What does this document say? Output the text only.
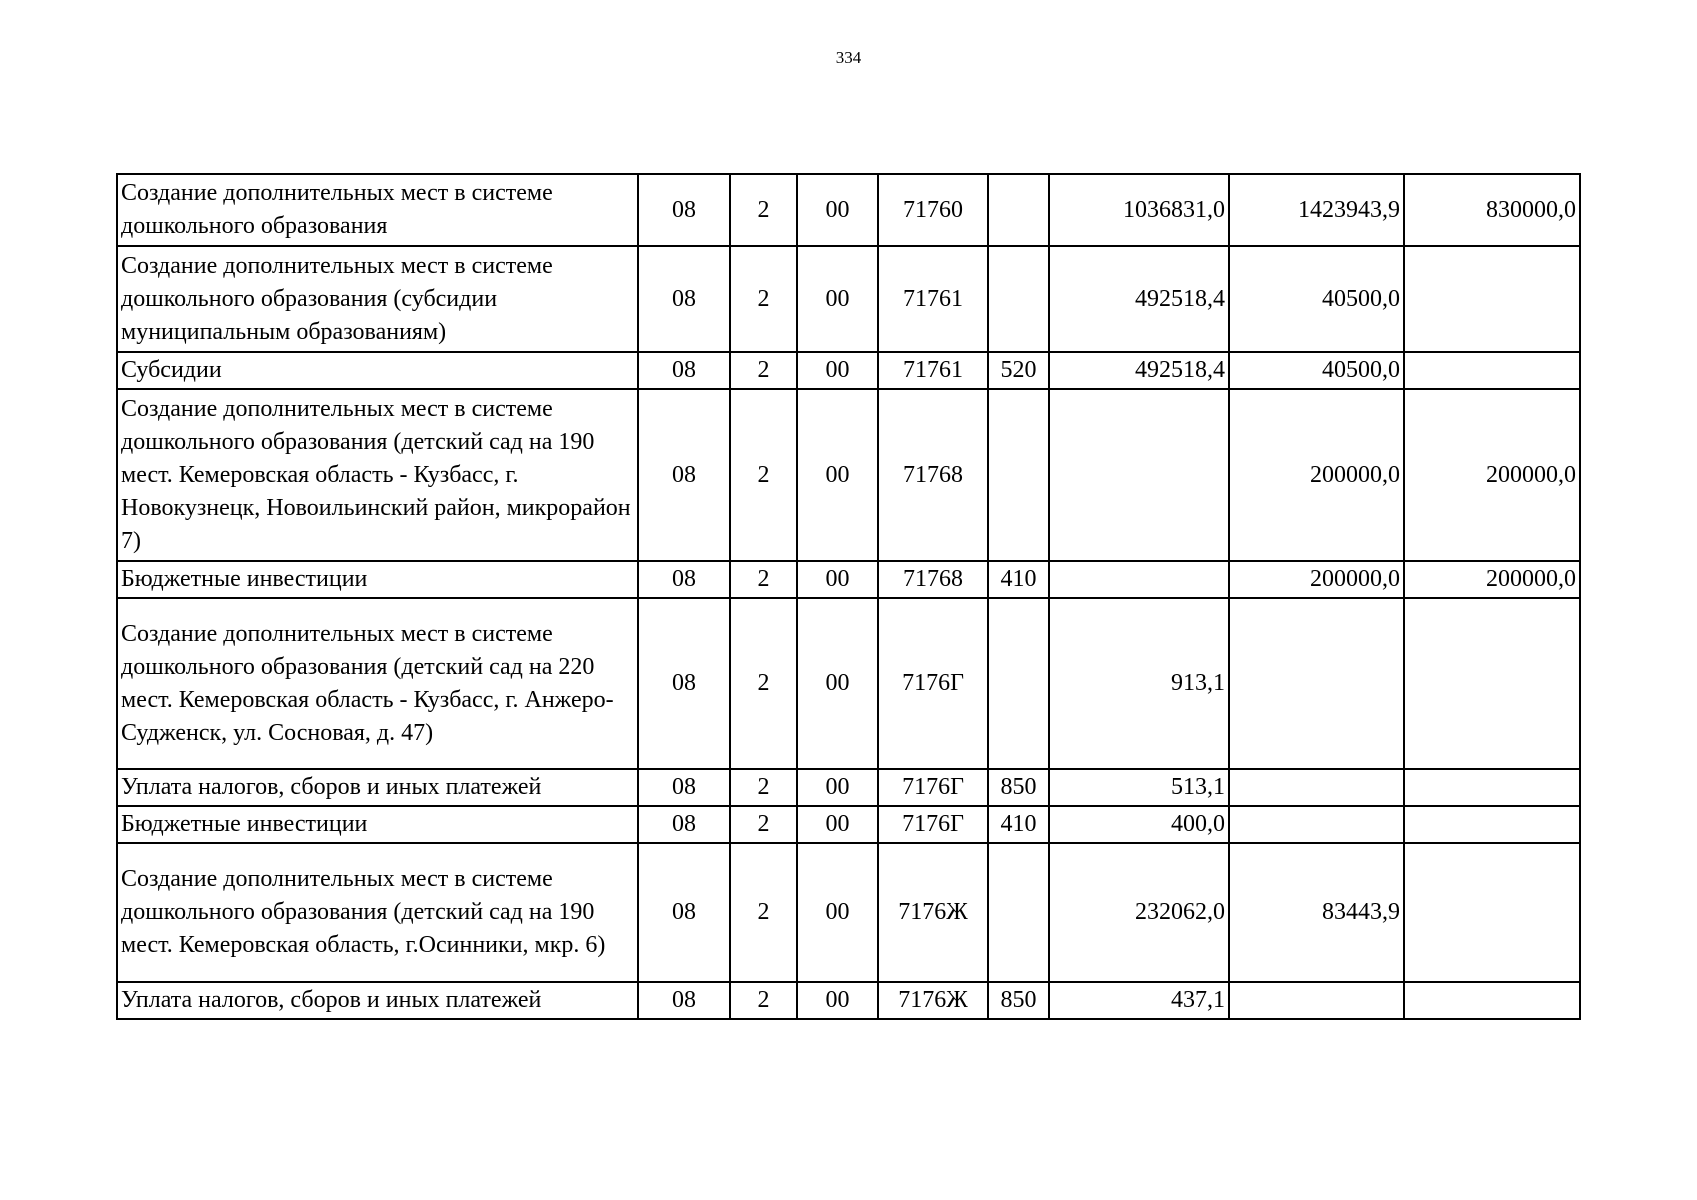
334
Создание дополнительных мест в системе дошкольного образования	08	2	00	71760		1036831,0	1423943,9	830000,0
Создание дополнительных мест в системе дошкольного образования (субсидии муниципальным образованиям)	08	2	00	71761		492518,4	40500,0	
Субсидии	08	2	00	71761	520	492518,4	40500,0	
Создание дополнительных мест в системе дошкольного образования (детский сад на 190 мест. Кемеровская область - Кузбасс, г. Новокузнецк, Новоильинский район, микрорайон 7)	08	2	00	71768			200000,0	200000,0
Бюджетные инвестиции	08	2	00	71768	410		200000,0	200000,0
Создание дополнительных мест в системе дошкольного образования (детский сад на 220 мест. Кемеровская область - Кузбасс, г. Анжеро-Судженск, ул. Сосновая, д. 47)	08	2	00	7176Г		913,1		
Уплата налогов, сборов и иных платежей	08	2	00	7176Г	850	513,1		
Бюджетные инвестиции	08	2	00	7176Г	410	400,0		
Создание дополнительных мест в системе дошкольного образования (детский сад на 190 мест. Кемеровская область, г.Осинники, мкр. 6)	08	2	00	7176Ж		232062,0	83443,9	
Уплата налогов, сборов и иных платежей	08	2	00	7176Ж	850	437,1		
